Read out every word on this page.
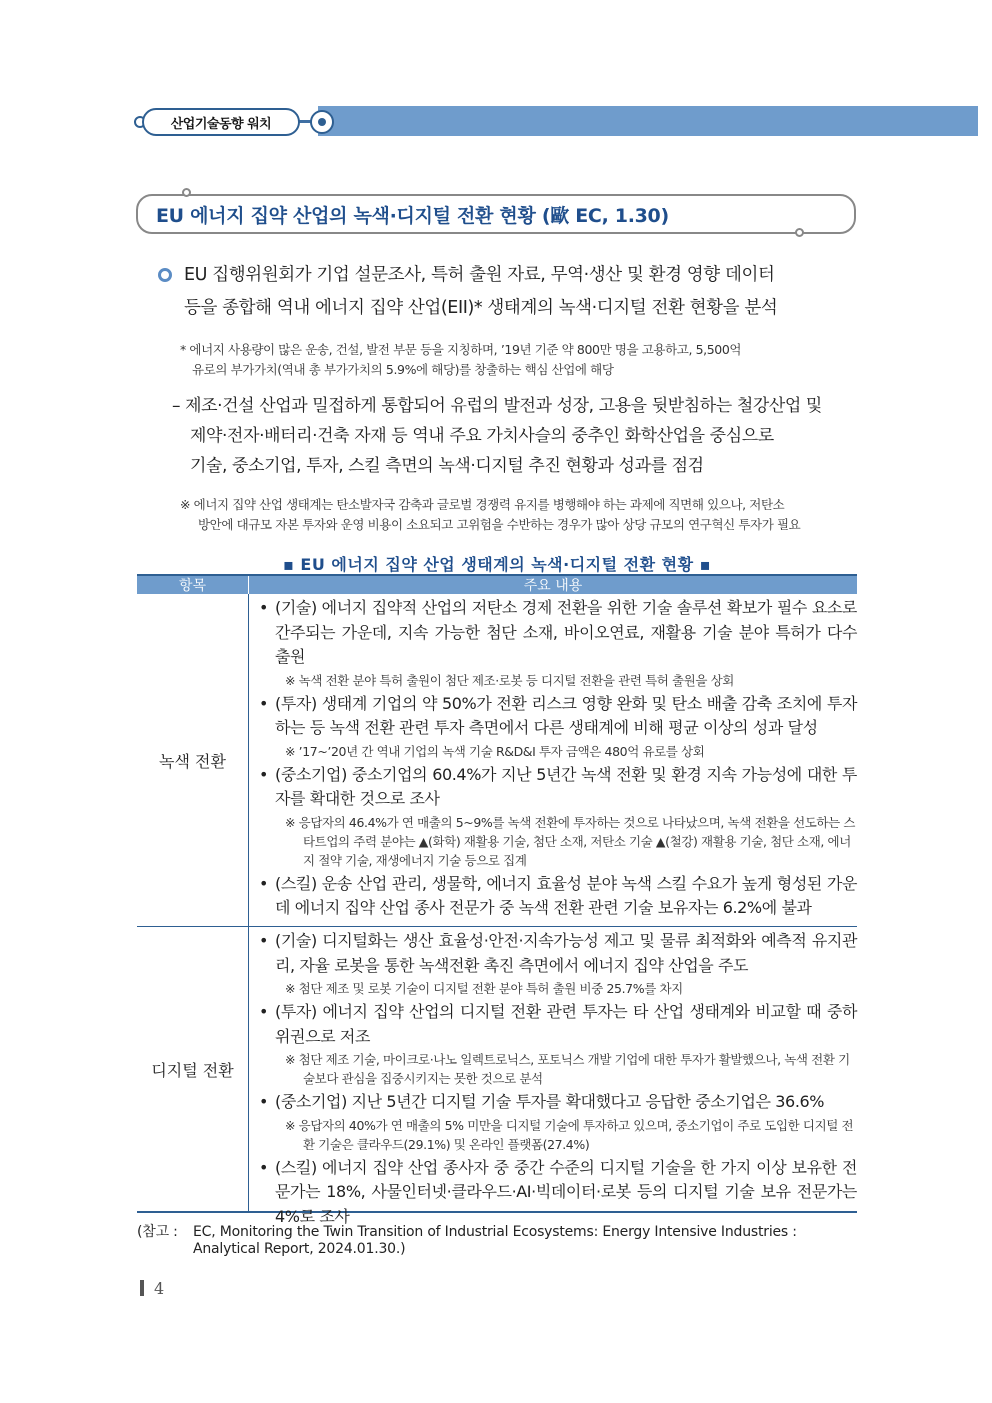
산업기술동향 워치
EU 에너지 집약 산업의 녹색·디지털 전환 현황 (歐 EC, 1.30)
EU 집행위원회가 기업 설문조사, 특허 출원 자료, 무역·생산 및 환경 영향 데이터
등을 종합해 역내 에너지 집약 산업(EII)* 생태계의 녹색·디지털 전환 현황을 분석
* 에너지 사용량이 많은 운송, 건설, 발전 부문 등을 지칭하며, ’19년 기준 약 800만 명을 고용하고, 5,500억
유로의 부가가치(역내 총 부가가치의 5.9%에 해당)를 창출하는 핵심 산업에 해당
– 제조·건설 산업과 밀접하게 통합되어 유럽의 발전과 성장, 고용을 뒷받침하는 철강산업 및
제약·전자·배터리·건축 자재 등 역내 주요 가치사슬의 중추인 화학산업을 중심으로
기술, 중소기업, 투자, 스킬 측면의 녹색·디지털 추진 현황과 성과를 점검
※ 에너지 집약 산업 생태계는 탄소발자국 감축과 글로벌 경쟁력 유지를 병행해야 하는 과제에 직면해 있으나, 저탄소
방안에 대규모 자본 투자와 운영 비용이 소요되고 고위험을 수반하는 경우가 많아 상당 규모의 연구혁신 투자가 필요
▪ EU 에너지 집약 산업 생태계의 녹색·디지털 전환 현황 ▪
항목	주요 내용
녹색 전환
• (기술) 에너지 집약적 산업의 저탄소 경제 전환을 위한 기술 솔루션 확보가 필수 요소로 간주되는 가운데, 지속 가능한 첨단 소재, 바이오연료, 재활용 기술 분야 특허가 다수 출원
※ 녹색 전환 분야 특허 출원이 첨단 제조·로봇 등 디지털 전환을 관련 특허 출원을 상회
• (투자) 생태계 기업의 약 50%가 전환 리스크 영향 완화 및 탄소 배출 감축 조치에 투자하는 등 녹색 전환 관련 투자 측면에서 다른 생태계에 비해 평균 이상의 성과 달성
※ ’17~’20년 간 역내 기업의 녹색 기술 R&D&I 투자 금액은 480억 유로를 상회
• (중소기업) 중소기업의 60.4%가 지난 5년간 녹색 전환 및 환경 지속 가능성에 대한 투자를 확대한 것으로 조사
※ 응답자의 46.4%가 연 매출의 5~9%를 녹색 전환에 투자하는 것으로 나타났으며, 녹색 전환을 선도하는 스타트업의 주력 분야는 ▲(화학) 재활용 기술, 첨단 소재, 저탄소 기술 ▲(철강) 재활용 기술, 첨단 소재, 에너지 절약 기술, 재생에너지 기술 등으로 집계
• (스킬) 운송 산업 관리, 생물학, 에너지 효율성 분야 녹색 스킬 수요가 높게 형성된 가운데 에너지 집약 산업 종사 전문가 중 녹색 전환 관련 기술 보유자는 6.2%에 불과
디지털 전환
• (기술) 디지털화는 생산 효율성·안전·지속가능성 제고 및 물류 최적화와 예측적 유지관리, 자율 로봇을 통한 녹색전환 촉진 측면에서 에너지 집약 산업을 주도
※ 첨단 제조 및 로봇 기술이 디지털 전환 분야 특허 출원 비중 25.7%를 차지
• (투자) 에너지 집약 산업의 디지털 전환 관련 투자는 타 산업 생태계와 비교할 때 중하위권으로 저조
※ 첨단 제조 기술, 마이크로·나노 일렉트로닉스, 포토닉스 개발 기업에 대한 투자가 활발했으나, 녹색 전환 기술보다 관심을 집중시키지는 못한 것으로 분석
• (중소기업) 지난 5년간 디지털 기술 투자를 확대했다고 응답한 중소기업은 36.6%
※ 응답자의 40%가 연 매출의 5% 미만을 디지털 기술에 투자하고 있으며, 중소기업이 주로 도입한 디지털 전환 기술은 클라우드(29.1%) 및 온라인 플랫폼(27.4%)
• (스킬) 에너지 집약 산업 종사자 중 중간 수준의 디지털 기술을 한 가지 이상 보유한 전문가는 18%, 사물인터넷·클라우드·AI·빅데이터·로봇 등의 디지털 기술 보유 전문가는 4%로 조사
(참고 : EC, Monitoring the Twin Transition of Industrial Ecosystems: Energy Intensive Industries : Analytical Report, 2024.01.30.)
4
